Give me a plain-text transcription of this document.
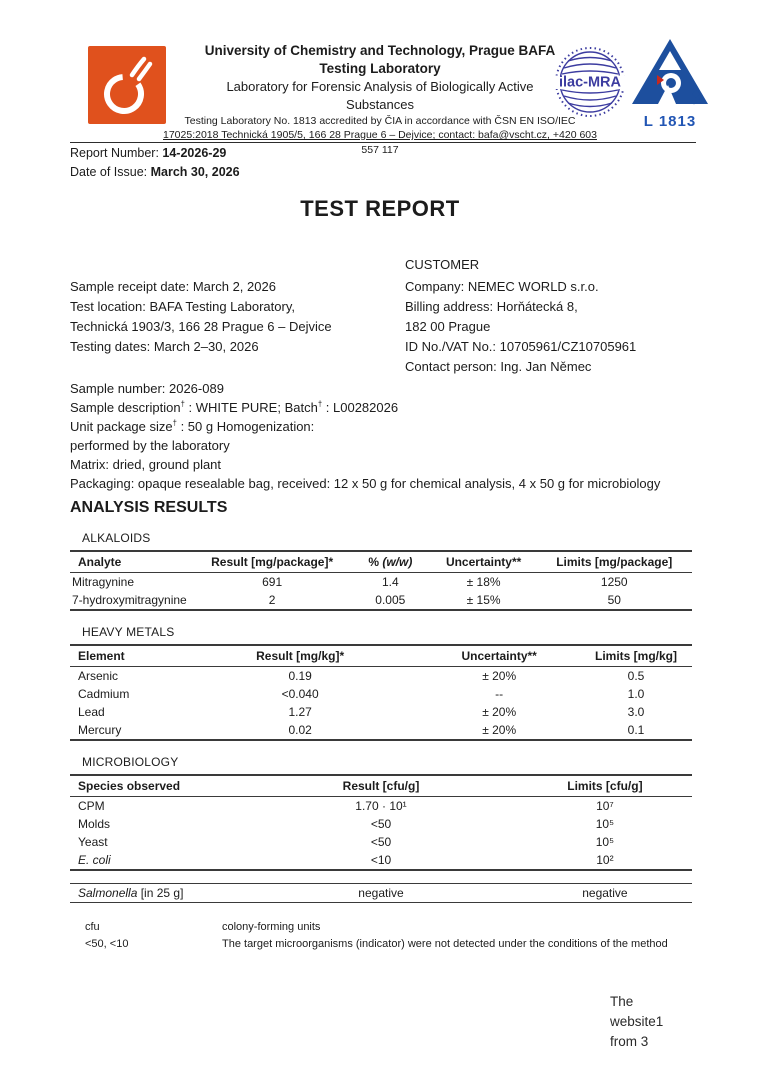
University of Chemistry and Technology, Prague BAFA
Testing Laboratory
Laboratory for Forensic Analysis of Biologically Active
Substances
Testing Laboratory No. 1813 accredited by ČIA in accordance with ČSN EN ISO/IEC
17025:2018 Technická 1905/5, 166 28 Prague 6 – Dejvice; contact: bafa@vscht.cz, +420 603
ilac-MRA
L 1813
557 117
Report Number: 14-2026-29
Date of Issue: March 30, 2026
TEST REPORT
Sample receipt date: March 2, 2026
Test location: BAFA Testing Laboratory,
Technická 1903/3, 166 28 Prague 6 – Dejvice
Testing dates: March 2–30, 2026
CUSTOMER
Company: NEMEC WORLD s.r.o.
Billing address: Horňátecká 8,
182 00 Prague
ID No./VAT No.: 10705961/CZ10705961
Contact person: Ing. Jan Němec
Sample number: 2026-089
Sample description† : WHITE PURE; Batch† : L00282026
Unit package size† : 50 g Homogenization:
performed by the laboratory
Matrix: dried, ground plant
Packaging: opaque resealable bag, received: 12 x 50 g for chemical analysis, 4 x 50 g for microbiology
ANALYSIS RESULTS
ALKALOIDS
Analyte	Result [mg/package]*	% (w/w)	Uncertainty**	Limits [mg/package]
Mitragynine	691	1.4	± 18%	1250
7-hydroxymitragynine	2	0.005	± 15%	50
HEAVY METALS
Element	Result [mg/kg]*	Uncertainty**	Limits [mg/kg]
Arsenic	0.19	± 20%	0.5
Cadmium	<0.040	--	1.0
Lead	1.27	± 20%	3.0
Mercury	0.02	± 20%	0.1
MICROBIOLOGY
Species observed	Result [cfu/g]	Limits [cfu/g]
CPM	1.70 · 10¹	10⁷
Molds	<50	10⁵
Yeast	<50	10⁵
E. coli	<10	10²
Salmonella [in 25 g]	negative	negative
cfu	colony-forming units
<50, <10	The target microorganisms (indicator) were not detected under the conditions of the method
The
website1
from 3
